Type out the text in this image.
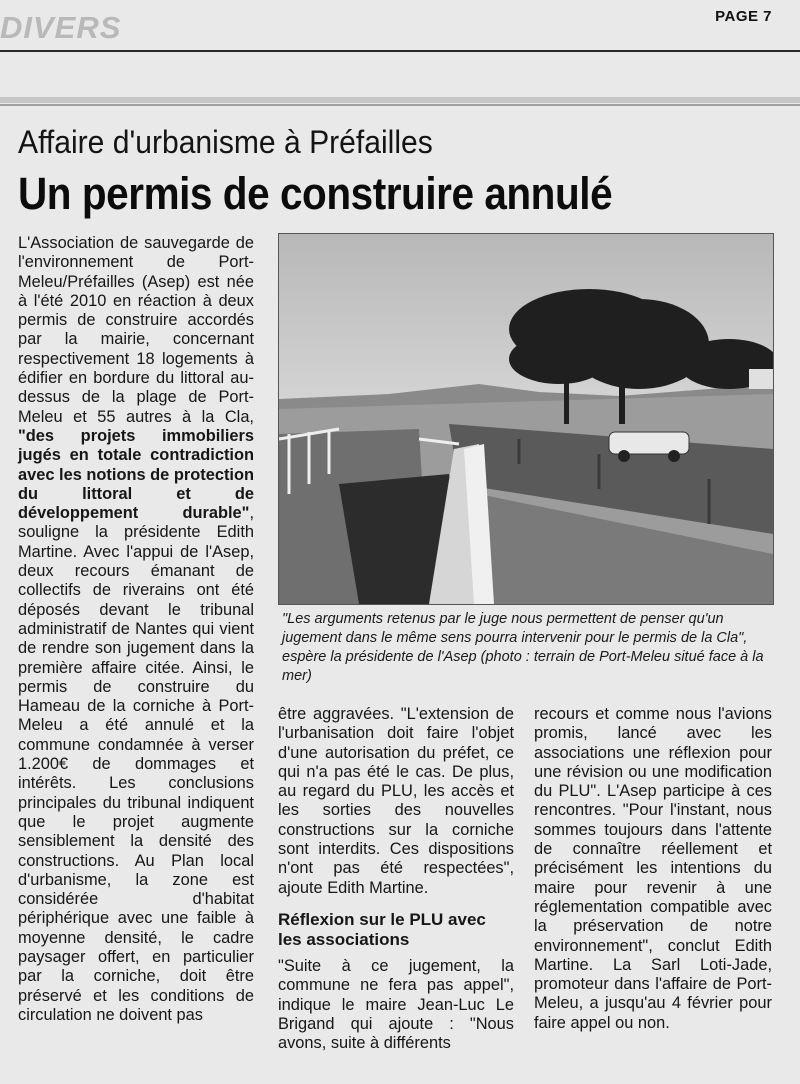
DIVERS	PAGE 7
Affaire d'urbanisme à Préfailles
Un permis de construire annulé

L'Association de sauvegarde de l'environnement de Port-Meleu/Préfailles (Asep) est née à l'été 2010 en réaction à deux permis de construire accordés par la mairie, concernant respectivement 18 logements à édifier en bordure du littoral au-dessus de la plage de Port-Meleu et 55 autres à la Cla, "des projets immobiliers jugés en totale contradiction avec les notions de protection du littoral et de développement durable", souligne la présidente Edith Martine. Avec l'appui de l'Asep, deux recours émanant de collectifs de riverains ont été déposés devant le tribunal administratif de Nantes qui vient de rendre son jugement dans la première affaire citée. Ainsi, le permis de construire du Hameau de la corniche à Port-Meleu a été annulé et la commune condamnée à verser 1.200€ de dommages et intérêts. Les conclusions principales du tribunal indiquent que le projet augmente sensiblement la densité des constructions. Au Plan local d'urbanisme, la zone est considérée d'habitat périphérique avec une faible à moyenne densité, le cadre paysager offert, en particulier par la corniche, doit être préservé et les conditions de circulation ne doivent pas

"Les arguments retenus par le juge nous permettent de penser qu'un jugement dans le même sens pourra intervenir pour le permis de la Cla", espère la présidente de l'Asep (photo : terrain de Port-Meleu situé face à la mer)

être aggravées. "L'extension de l'urbanisation doit faire l'objet d'une autorisation du préfet, ce qui n'a pas été le cas. De plus, au regard du PLU, les accès et les sorties des nouvelles constructions sur la corniche sont interdits. Ces dispositions n'ont pas été respectées", ajoute Edith Martine.

Réflexion sur le PLU avec les associations

"Suite à ce jugement, la commune ne fera pas appel", indique le maire Jean-Luc Le Brigand qui ajoute : "Nous avons, suite à différents

recours et comme nous l'avions promis, lancé avec les associations une réflexion pour une révision ou une modification du PLU". L'Asep participe à ces rencontres. "Pour l'instant, nous sommes toujours dans l'attente de connaître réellement et précisément les intentions du maire pour revenir à une réglementation compatible avec la préservation de notre environnement", conclut Edith Martine. La Sarl Loti-Jade, promoteur dans l'affaire de Port-Meleu, a jusqu'au 4 février pour faire appel ou non.
